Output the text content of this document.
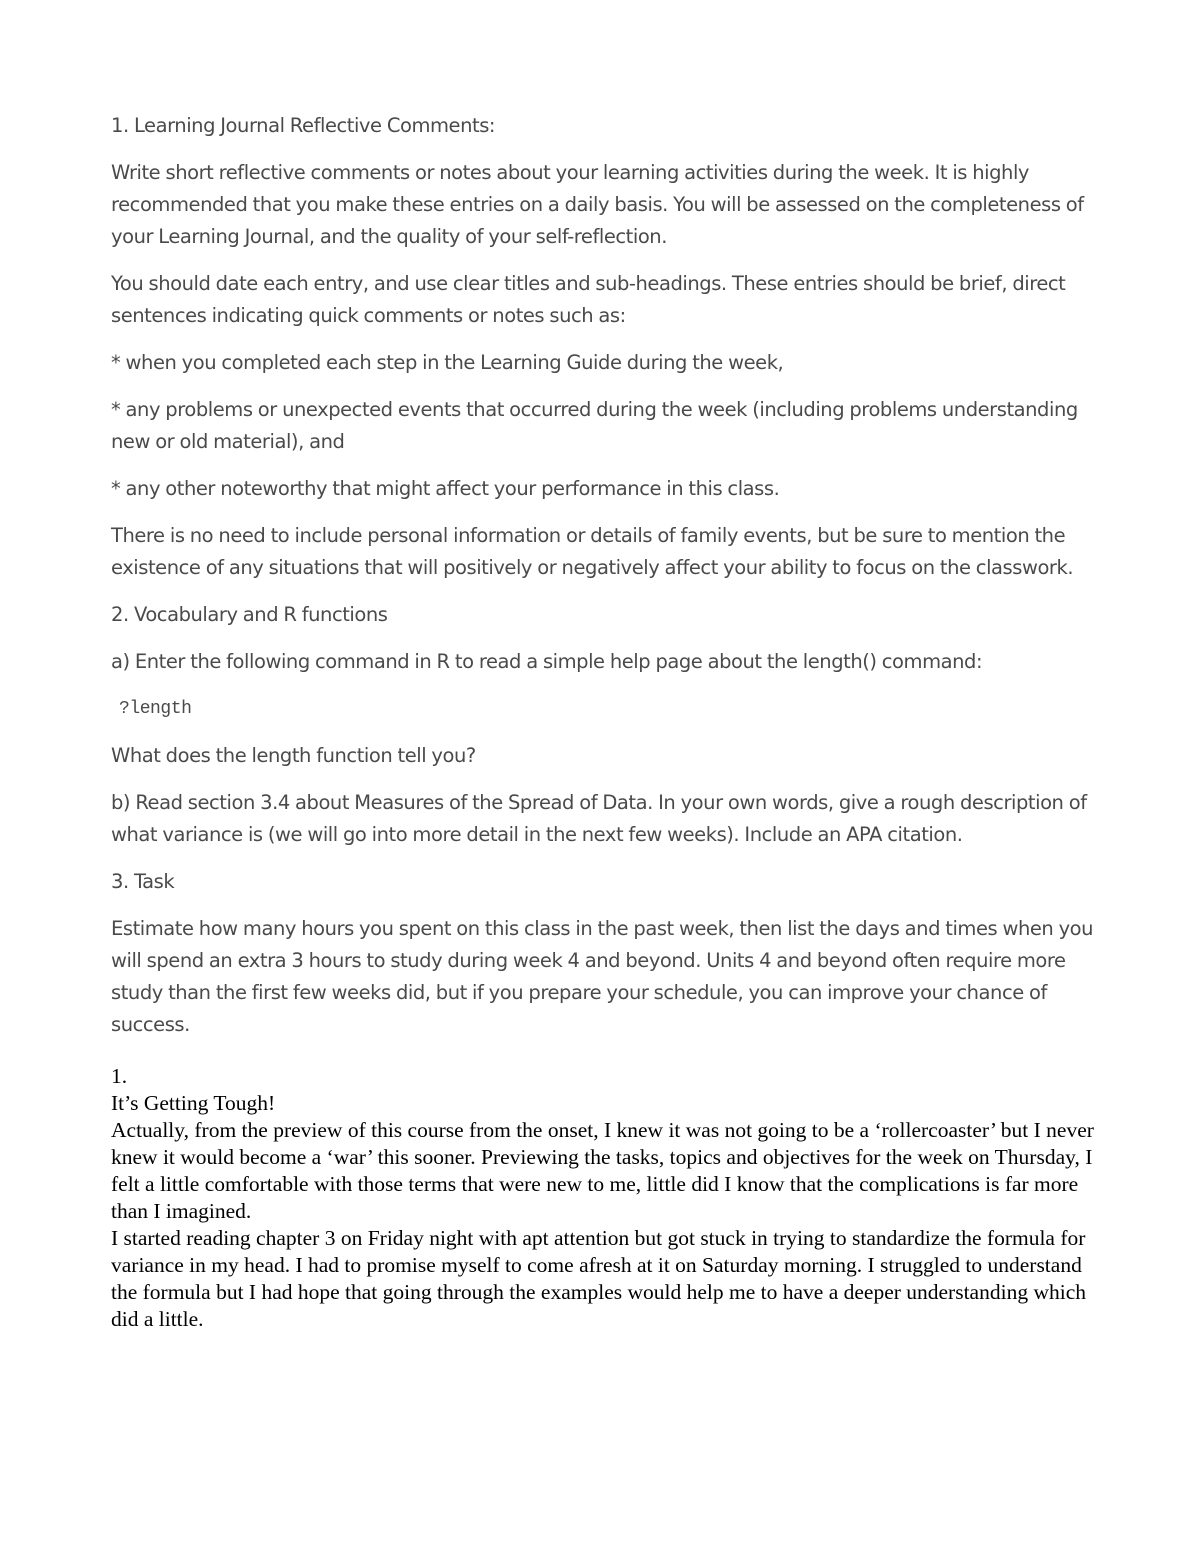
1. Learning Journal Reflective Comments:

Write short reflective comments or notes about your learning activities during the week. It is highly recommended that you make these entries on a daily basis. You will be assessed on the completeness of your Learning Journal, and the quality of your self-reflection.

You should date each entry, and use clear titles and sub-headings. These entries should be brief, direct sentences indicating quick comments or notes such as:

* when you completed each step in the Learning Guide during the week,

* any problems or unexpected events that occurred during the week (including problems understanding new or old material), and

* any other noteworthy that might affect your performance in this class.

There is no need to include personal information or details of family events, but be sure to mention the existence of any situations that will positively or negatively affect your ability to focus on the classwork.

2. Vocabulary and R functions

a) Enter the following command in R to read a simple help page about the length() command:

?length

What does the length function tell you?

b) Read section 3.4 about Measures of the Spread of Data. In your own words, give a rough description of what variance is (we will go into more detail in the next few weeks). Include an APA citation.

3. Task

Estimate how many hours you spent on this class in the past week, then list the days and times when you will spend an extra 3 hours to study during week 4 and beyond. Units 4 and beyond often require more study than the first few weeks did, but if you prepare your schedule, you can improve your chance of success.

1.

It’s Getting Tough!

Actually, from the preview of this course from the onset, I knew it was not going to be a ‘rollercoaster’ but I never knew it would become a ‘war’ this sooner. Previewing the tasks, topics and objectives for the week on Thursday, I felt a little comfortable with those terms that were new to me, little did I know that the complications is far more than I imagined.

I started reading chapter 3 on Friday night with apt attention but got stuck in trying to standardize the formula for variance in my head. I had to promise myself to come afresh at it on Saturday morning. I struggled to understand the formula but I had hope that going through the examples would help me to have a deeper understanding which did a little.
